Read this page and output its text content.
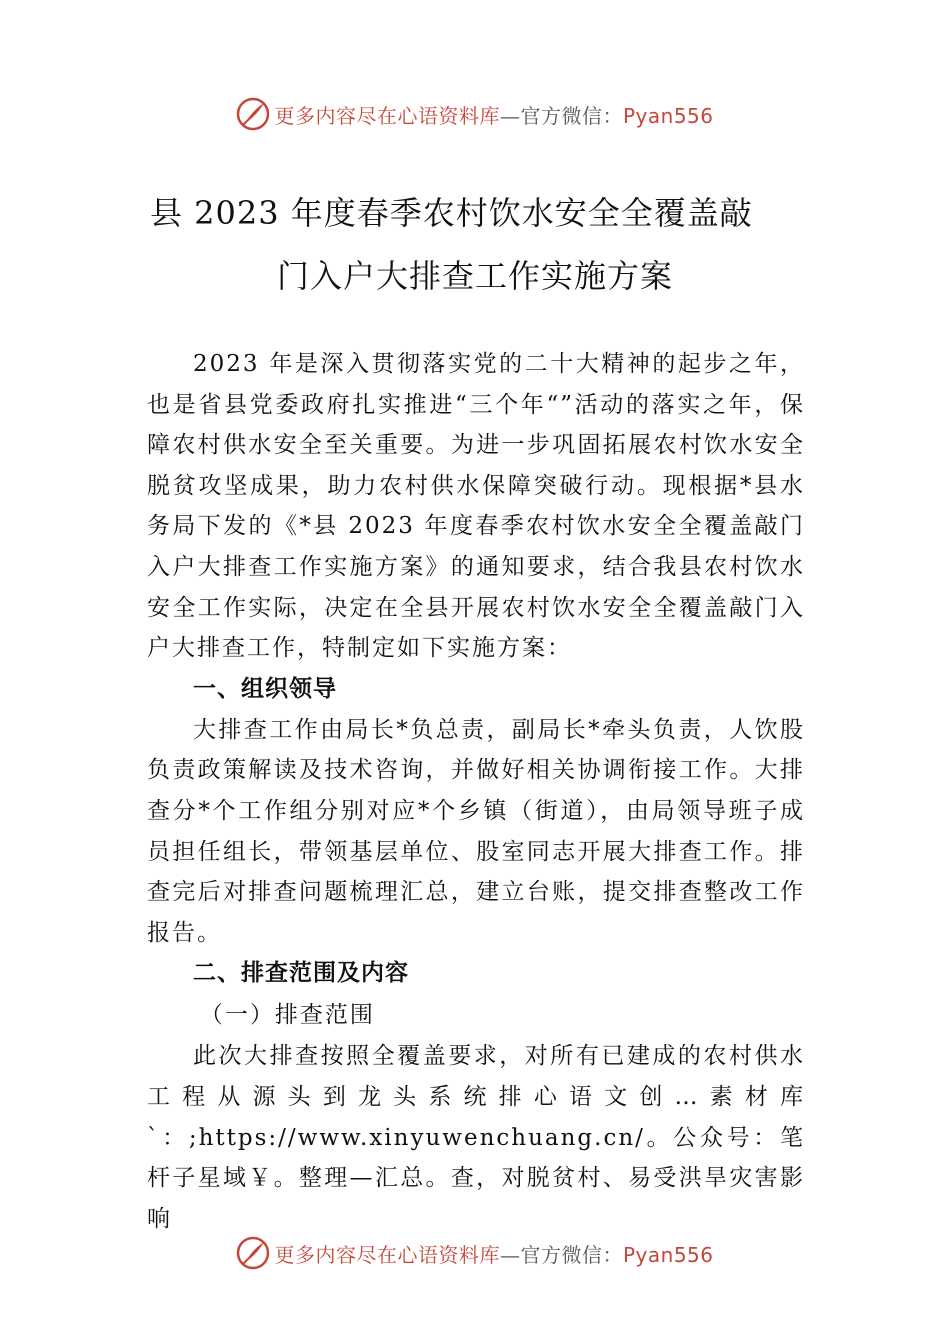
更多内容尽在心语资料库—官方微信：Pyan556
县 2023 年度春季农村饮水安全全覆盖敲
门入户大排查工作实施方案

2023 年是深入贯彻落实党的二十大精神的起步之年，也是省县党委政府扎实推进“三个年“”活动的落实之年，保障农村供水安全至关重要。为进一步巩固拓展农村饮水安全脱贫攻坚成果，助力农村供水保障突破行动。现根据*县水务局下发的《*县 2023 年度春季农村饮水安全全覆盖敲门入户大排查工作实施方案》的通知要求，结合我县农村饮水安全工作实际，决定在全县开展农村饮水安全全覆盖敲门入户大排查工作，特制定如下实施方案：

一、组织领导

大排查工作由局长*负总责，副局长*牵头负责，人饮股负责政策解读及技术咨询，并做好相关协调衔接工作。大排查分*个工作组分别对应*个乡镇（街道），由局领导班子成员担任组长，带领基层单位、股室同志开展大排查工作。排查完后对排查问题梳理汇总，建立台账，提交排查整改工作报告。

二、排查范围及内容

（一）排查范围

此次大排查按照全覆盖要求，对所有已建成的农村供水工程从源头到龙头系统排心语文创…素材库`：;https://www.xinyuwenchuang.cn/。公众号：笔杆子星域￥。整理—汇总。查，对脱贫村、易受洪旱灾害影响

更多内容尽在心语资料库—官方微信：Pyan556
